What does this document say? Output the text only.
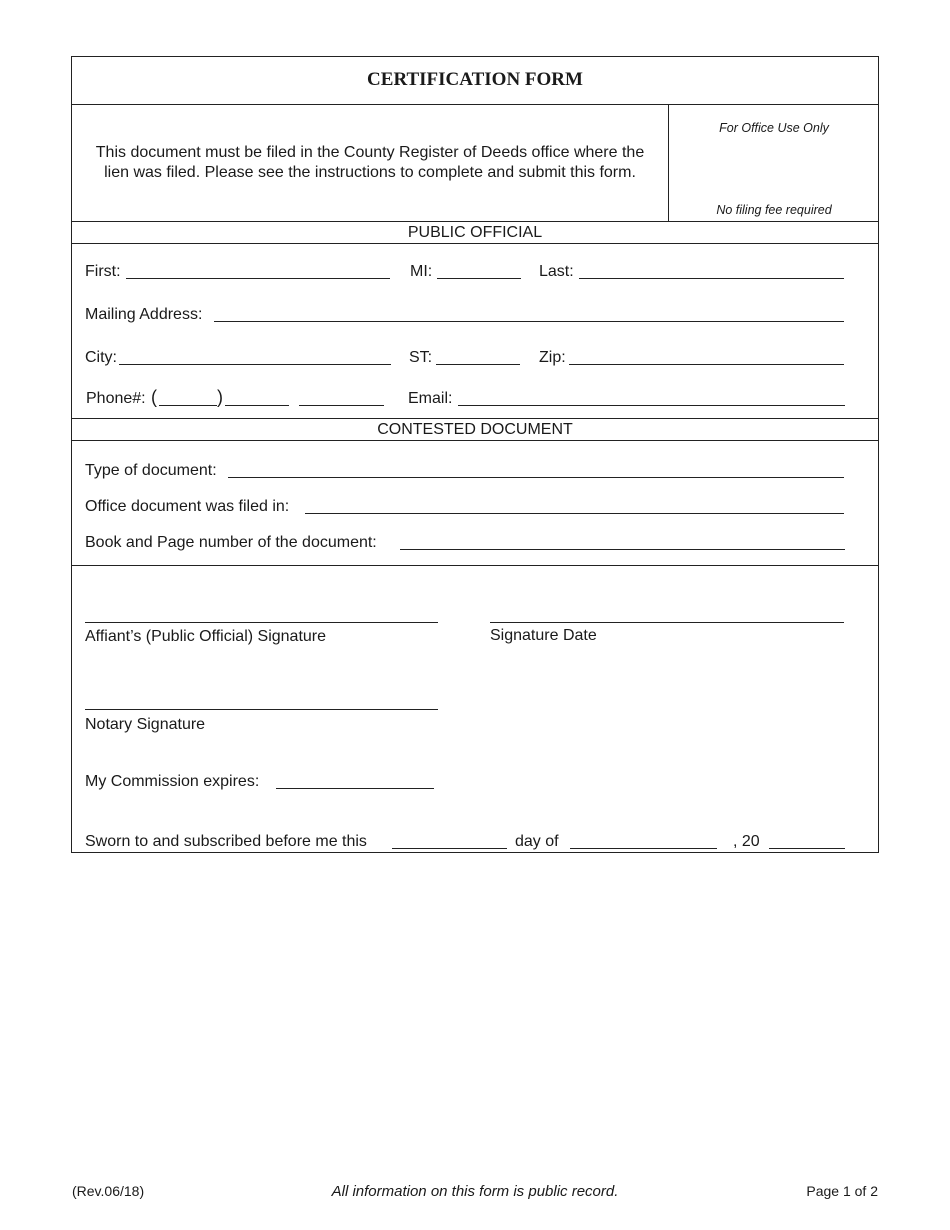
CERTIFICATION FORM
This document must be filed in the County Register of Deeds office where the lien was filed. Please see the instructions to complete and submit this form.
For Office Use Only
No filing fee required
PUBLIC OFFICIAL
First:	MI:	Last:
Mailing Address:
City:	ST:	Zip:
Phone#: (	)	Email:
CONTESTED DOCUMENT
Type of document:
Office document was filed in:
Book and Page number of the document:
Affiant’s (Public Official) Signature	Signature Date
Notary Signature
My Commission expires:
Sworn to and subscribed before me this	day of	, 20
(Rev.06/18)	All information on this form is public record.	Page 1 of 2
